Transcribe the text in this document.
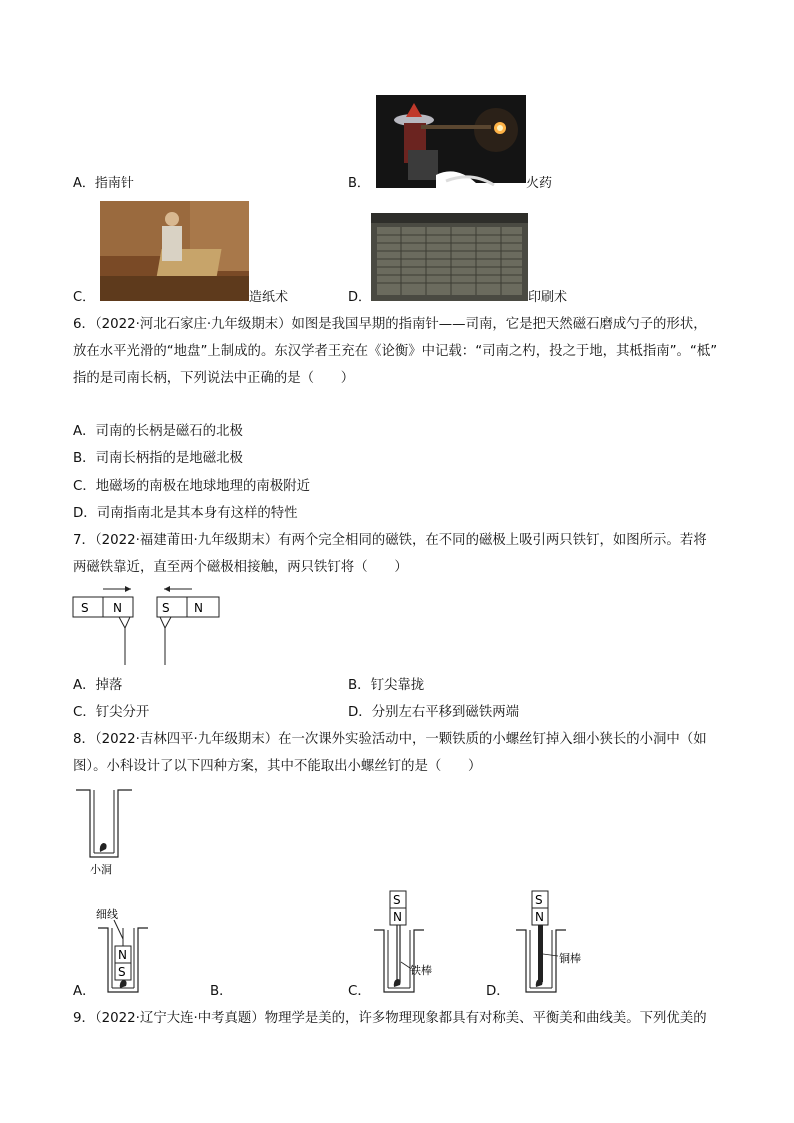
A．指南针	B．	火药
C．	造纸术	D．	印刷术
6．（2022·河北石家庄·九年级期末）如图是我国早期的指南针——司南，它是把天然磁石磨成勺子的形状，
放在水平光滑的“地盘”上制成的。东汉学者王充在《论衡》中记载：“司南之杓，投之于地，其柢指南”。“柢”
指的是司南长柄，下列说法中正确的是（　　）
A．司南的长柄是磁石的北极
B．司南长柄指的是地磁北极
C．地磁场的南极在地球地理的南极附近
D．司南指南北是其本身有这样的特性
7．（2022·福建莆田·九年级期末）有两个完全相同的磁铁，在不同的磁极上吸引两只铁钉，如图所示。若将
两磁铁靠近，直至两个磁极相接触，两只铁钉将（　　）
S N	S N
A．掉落	B．钉尖靠拢
C．钉尖分开	D．分别左右平移到磁铁两端
8．（2022·吉林四平·九年级期末）在一次课外实验活动中，一颗铁质的小螺丝钉掉入细小狭长的小洞中（如
图）。小科设计了以下四种方案，其中不能取出小螺丝钉的是（　　）
小洞
细线
N
S
S
N
铁棒
S
N
铜棒
A．	B．	C．	D．
9．（2022·辽宁大连·中考真题）物理学是美的，许多物理现象都具有对称美、平衡美和曲线美。下列优美的
